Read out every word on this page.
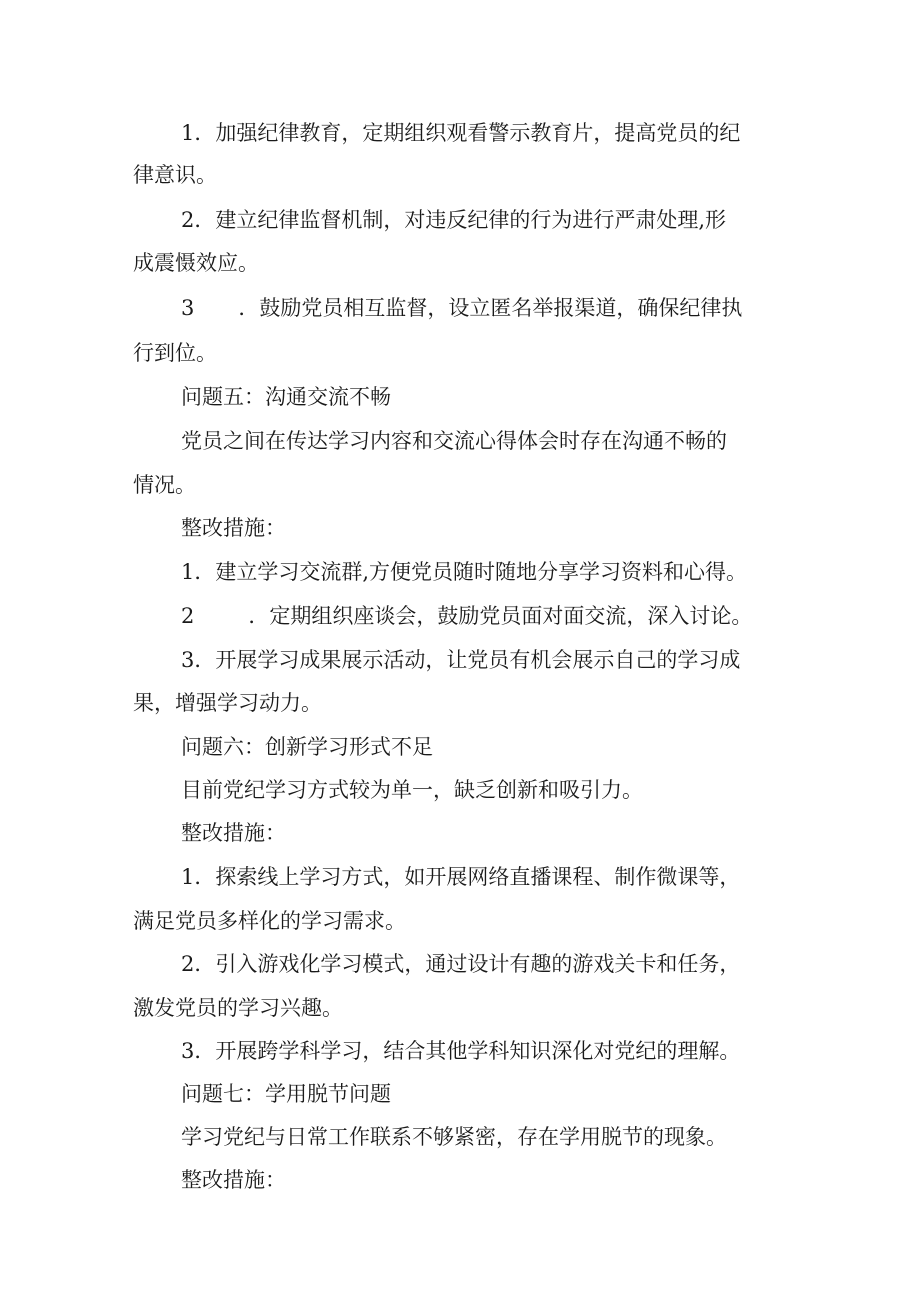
1．加强纪律教育，定期组织观看警示教育片，提高党员的纪
律意识。
2．建立纪律监督机制，对违反纪律的行为进行严肃处理,形
成震慑效应。
3 ．鼓励党员相互监督，设立匿名举报渠道，确保纪律执
行到位。
问题五：沟通交流不畅
党员之间在传达学习内容和交流心得体会时存在沟通不畅的
情况。
整改措施：
1．建立学习交流群,方便党员随时随地分享学习资料和心得。
2	．定期组织座谈会，鼓励党员面对面交流，深入讨论。
3．开展学习成果展示活动，让党员有机会展示自己的学习成
果，增强学习动力。
问题六：创新学习形式不足
目前党纪学习方式较为单一，缺乏创新和吸引力。
整改措施：
1．探索线上学习方式，如开展网络直播课程、制作微课等，
满足党员多样化的学习需求。
2．引入游戏化学习模式，通过设计有趣的游戏关卡和任务，
激发党员的学习兴趣。
3．开展跨学科学习，结合其他学科知识深化对党纪的理解。
问题七：学用脱节问题
学习党纪与日常工作联系不够紧密，存在学用脱节的现象。
整改措施：
